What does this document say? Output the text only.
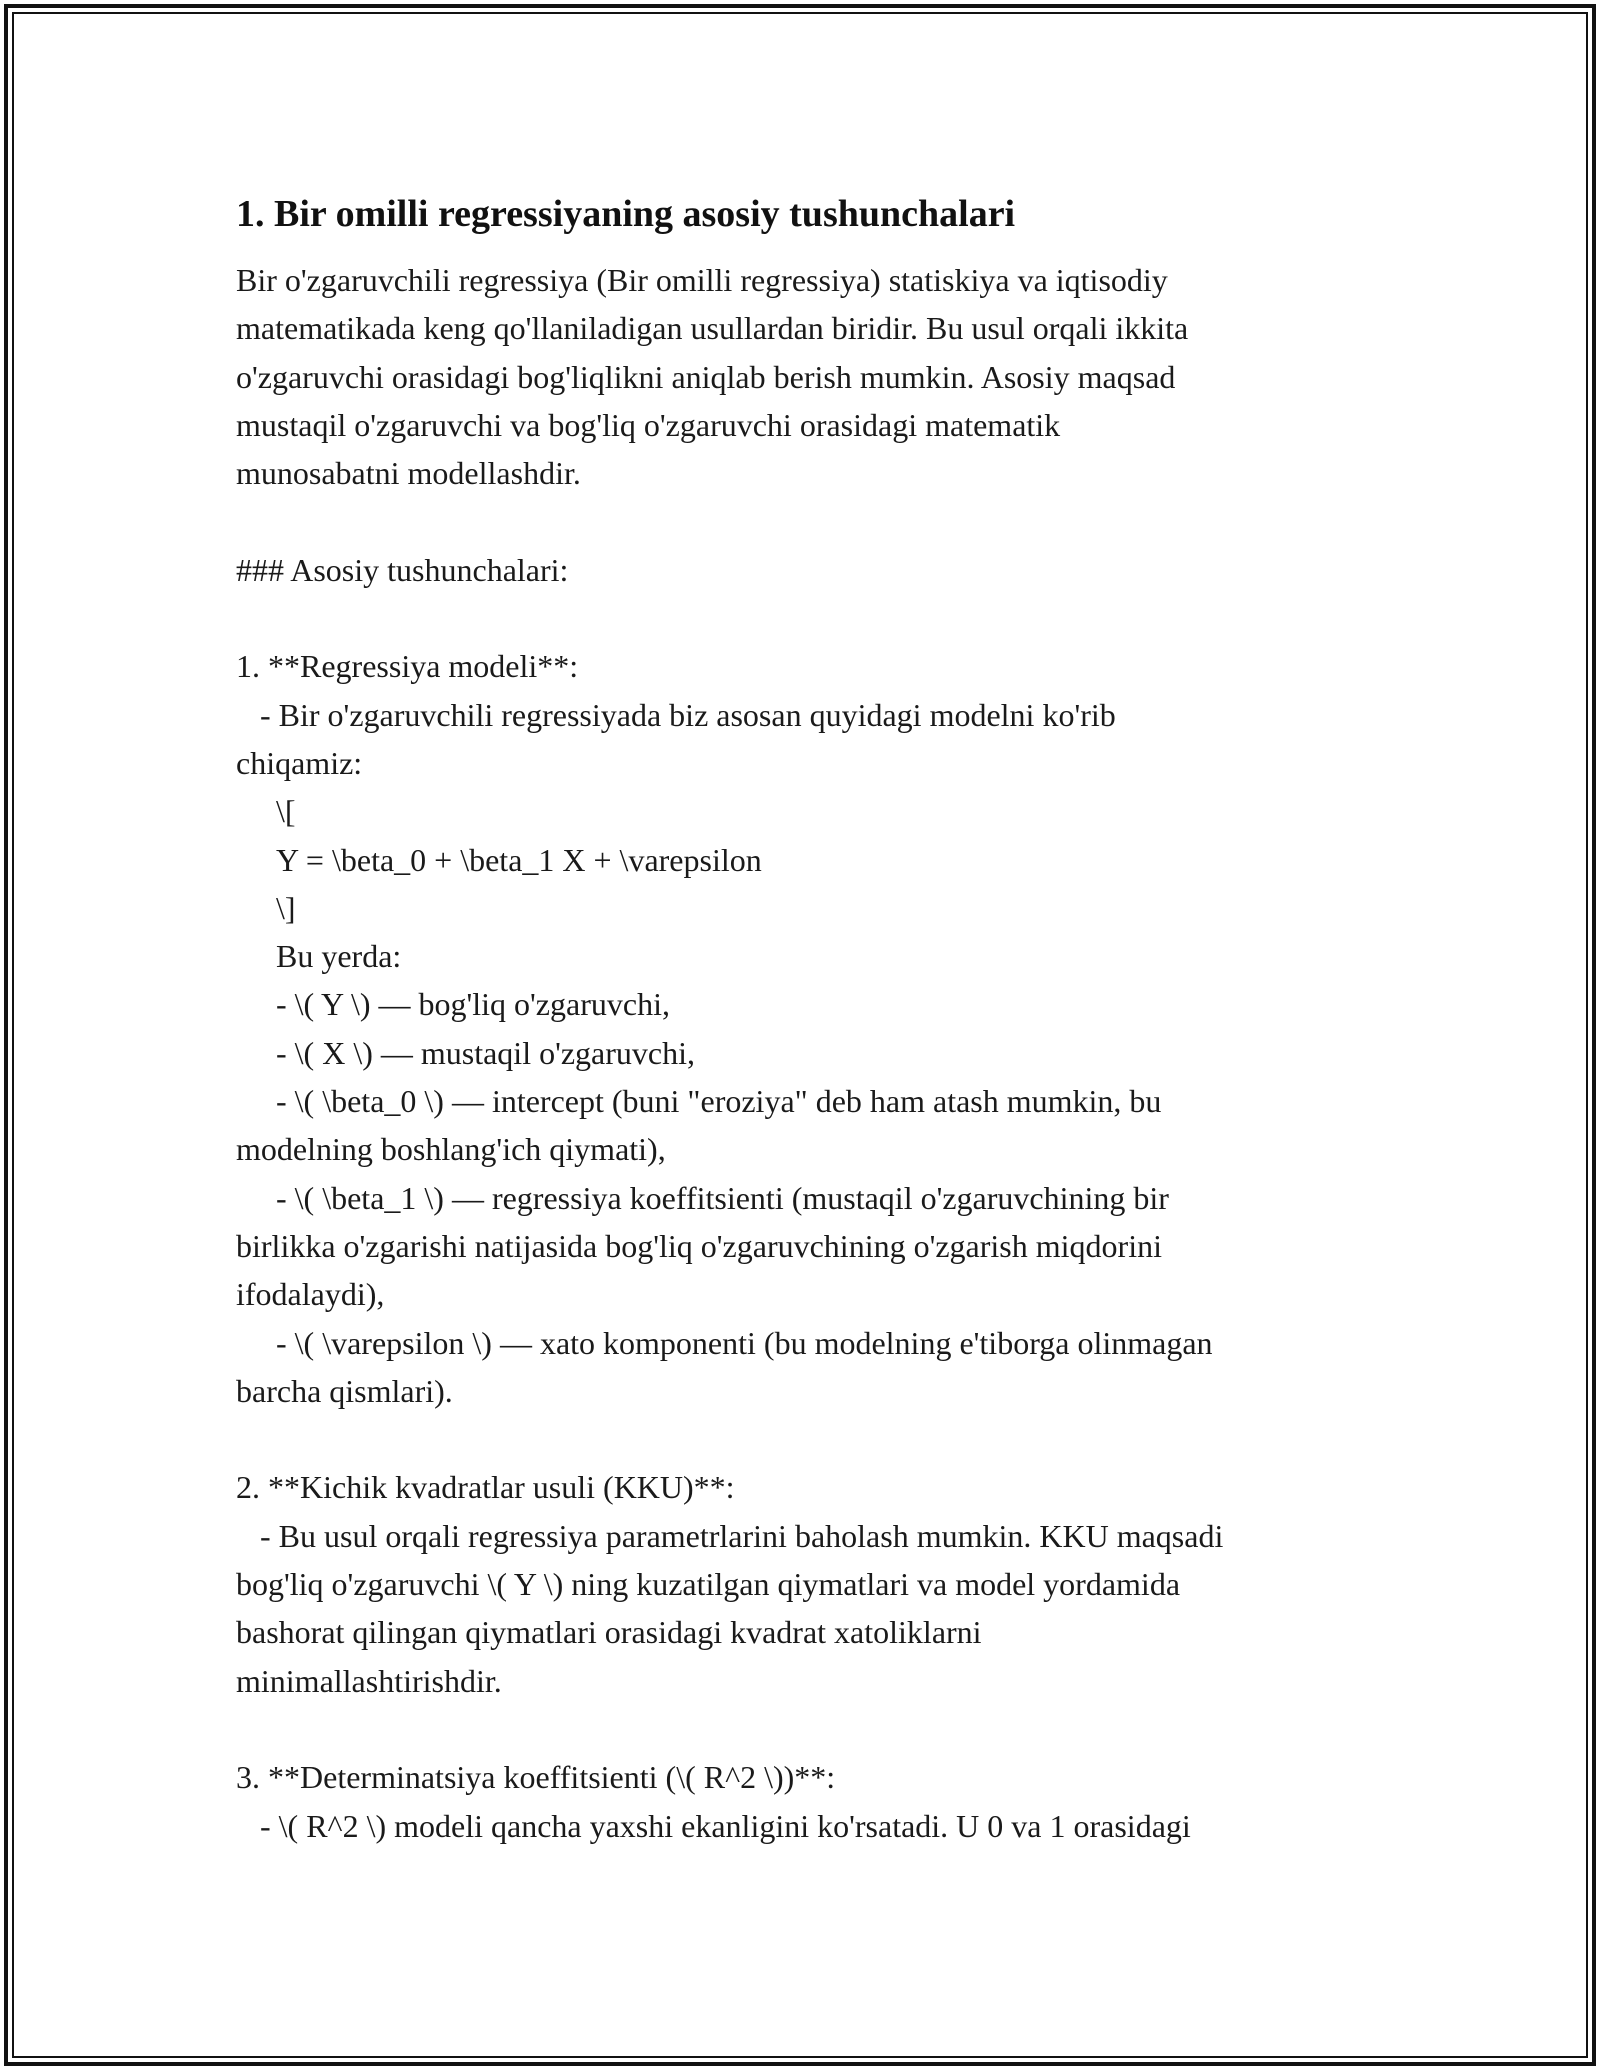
1. Bir omilli regressiyaning asosiy tushunchalari

Bir o'zgaruvchili regressiya (Bir omilli regressiya) statiskiya va iqtisodiy
matematikada keng qo'llaniladigan usullardan biridir. Bu usul orqali ikkita
o'zgaruvchi orasidagi bog'liqlikni aniqlab berish mumkin. Asosiy maqsad
mustaqil o'zgaruvchi va bog'liq o'zgaruvchi orasidagi matematik
munosabatni modellashdir.

### Asosiy tushunchalari:

1. **Regressiya modeli**:
- Bir o'zgaruvchili regressiyada biz asosan quyidagi modelni ko'rib
chiqamiz:
\[
Y = \beta_0 + \beta_1 X + \varepsilon
\]
Bu yerda:
- \( Y \) — bog'liq o'zgaruvchi,
- \( X \) — mustaqil o'zgaruvchi,
- \( \beta_0 \) — intercept (buni "eroziya" deb ham atash mumkin, bu
modelning boshlang'ich qiymati),
- \( \beta_1 \) — regressiya koeffitsienti (mustaqil o'zgaruvchining bir
birlikka o'zgarishi natijasida bog'liq o'zgaruvchining o'zgarish miqdorini
ifodalaydi),
- \( \varepsilon \) — xato komponenti (bu modelning e'tiborga olinmagan
barcha qismlari).

2. **Kichik kvadratlar usuli (KKU)**:
- Bu usul orqali regressiya parametrlarini baholash mumkin. KKU maqsadi
bog'liq o'zgaruvchi \( Y \) ning kuzatilgan qiymatlari va model yordamida
bashorat qilingan qiymatlari orasidagi kvadrat xatoliklarni
minimallashtirishdir.

3. **Determinatsiya koeffitsienti (\( R^2 \))**:
- \( R^2 \) modeli qancha yaxshi ekanligini ko'rsatadi. U 0 va 1 orasidagi
